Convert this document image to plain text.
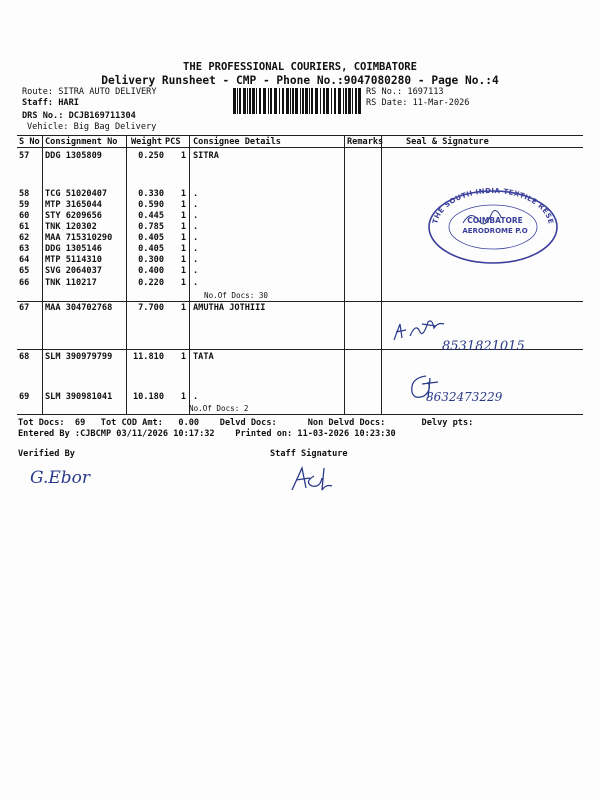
THE PROFESSIONAL COURIERS, COIMBATORE
Delivery Runsheet - CMP - Phone No.:9047080280 - Page No.:4
Route: SITRA AUTO DELIVERY
Staff: HARI
DRS No.: DCJB169711304
Vehicle: Big Bag Delivery
RS No.: 1697113
RS Date: 11-Mar-2026
S No Consignment No Weight PCS Consignee Details	Remarks	Seal & Signature
57 DDG 1305809	0.250	1 SITRA
58 TCG 51020407	0.330	1 .
59 MTP 3165044	0.590	1 .
60 STY 6209656	0.445	1 .
61 TNK 120302	0.785	1 .
62 MAA 715310290	0.405	1 .
63 DDG 1305146	0.405	1 .
64 MTP 5114310	0.300	1 .
65 SVG 2064037	0.400	1 .
66 TNK 110217	0.220	1 .
67 MAA 304702768	7.700	1 AMUTHA JOTHIII
68 SLM 390979799	11.810	1 TATA
69 SLM 390981041	10.180	1 .
No.Of Docs: 30
No.Of Docs: 2
Tot Docs:  69   Tot COD Amt:   0.00    Delvd Docs:      Non Delvd Docs:       Delvy pts:
Entered By :CJBCMP 03/11/2026 10:17:32    Printed on: 11-03-2026 10:23:30
Verified By	Staff Signature
THE SOUTH INDIA TEXTILE RESEARCH ASSOCIATION
COIMBATORE
AERODROME P.O
8531821015
8632473229
G.Ebor
